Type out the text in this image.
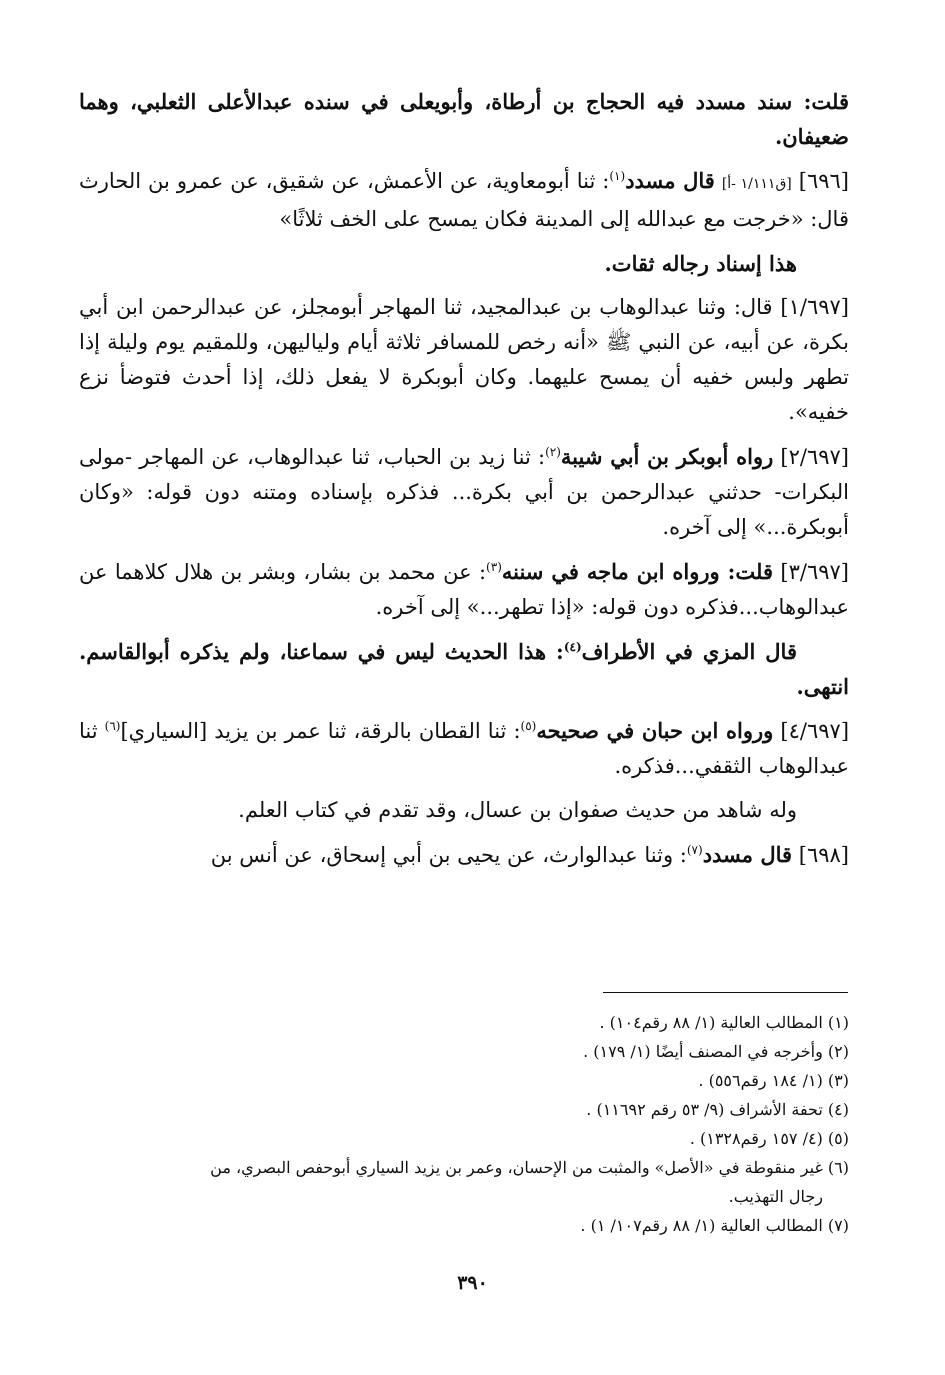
قلت: سند مسدد فيه الحجاج بن أرطاة، وأبويعلى في سنده عبدالأعلى الثعلبي، وهما ضعيفان.

[٦٩٦] [ق١/١١١ -أ] قال مسدد$^{(١)}$: ثنا أبومعاوية، عن الأعمش، عن شقيق، عن عمرو بن الحارث قال: «خرجت مع عبدالله إلى المدينة فكان يمسح على الخف ثلاثًا»

هذا إسناد رجاله ثقات.

[١/٦٩٧] قال: وثنا عبدالوهاب بن عبدالمجيد، ثنا المهاجر أبومجلز، عن عبدالرحمن ابن أبي بكرة، عن أبيه، عن النبي ﷺ «أنه رخص للمسافر ثلاثة أيام ولياليهن، وللمقيم يوم وليلة إذا تطهر ولبس خفيه أن يمسح عليهما. وكان أبوبكرة لا يفعل ذلك، إذا أحدث فتوضأ نزع خفيه».

[٢/٦٩٧] رواه أبوبكر بن أبي شيبة$^{(٢)}$: ثنا زيد بن الحباب، ثنا عبدالوهاب، عن المهاجر -مولى البكرات- حدثني عبدالرحمن بن أبي بكرة... فذكره بإسناده ومتنه دون قوله: «وكان أبوبكرة...» إلى آخره.

[٣/٦٩٧] قلت: ورواه ابن ماجه في سننه$^{(٣)}$: عن محمد بن بشار، وبشر بن هلال كلاهما عن عبدالوهاب...فذكره دون قوله: «إذا تطهر...» إلى آخره.

قال المزي في الأطراف$^{(٤)}$: هذا الحديث ليس في سماعنا، ولم يذكره أبوالقاسم. انتهى.

[٤/٦٩٧] ورواه ابن حبان في صحيحه$^{(٥)}$: ثنا القطان بالرقة، ثنا عمر بن يزيد [السياري]$^{(٦)}$ ثنا عبدالوهاب الثقفي...فذكره.

وله شاهد من حديث صفوان بن عسال، وقد تقدم في كتاب العلم.

[٦٩٨] قال مسدد$^{(٧)}$: وثنا عبدالوارث، عن يحيى بن أبي إسحاق، عن أنس بن

(١) المطالب العالية (١/ ٨٨ رقم١٠٤) .

(٢) وأخرجه في المصنف أيضًا (١/ ١٧٩) .

(٣) (١/ ١٨٤ رقم٥٥٦) .

(٤) تحفة الأشراف (٩/ ٥٣ رقم ١١٦٩٢) .

(٥) (٤/ ١٥٧ رقم١٣٢٨) .

(٦) غير منقوطة في «الأصل» والمثبت من الإحسان، وعمر بن يزيد السياري أبوحفص البصري، من
رجال التهذيب.

(٧) المطالب العالية (١/ ٨٨ رقم١٠٧/ ١) .

٣٩٠
